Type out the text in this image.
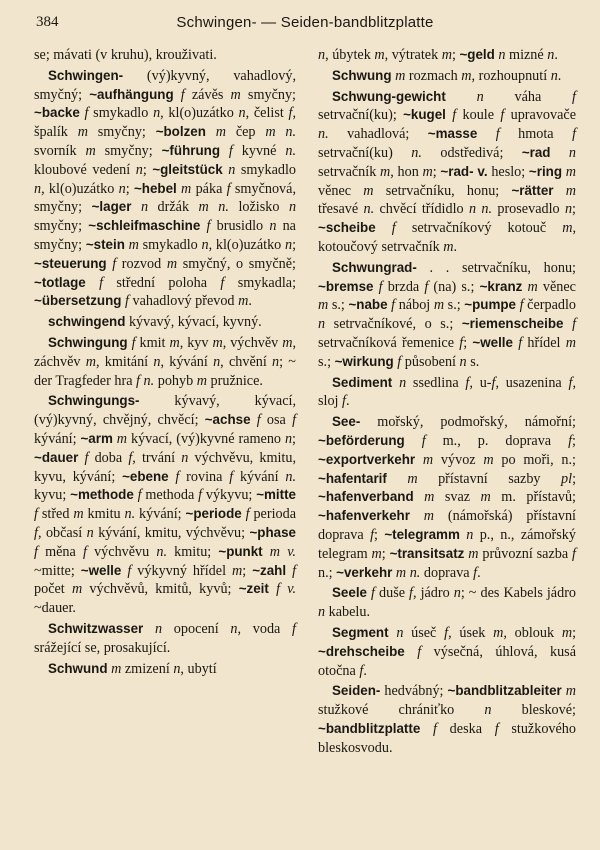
384	Schwingen- — Seiden-bandblitzplatte
se; mávati (v kruhu), krouživati.
Schwingen- (vý)kyvný, vahadlový, smyčný; ~aufhängung f závěs m smyčny; ~backe f smykadlo n, kl(o)uzátko n, čelist f, špalík m smyčny; ~bolzen m čep m n. svorník m smyčny; ~führung f kyvné n. kloubové vedení n; ~gleitstück n smykadlo n, kl(o)uzátko n; ~hebel m páka f smyčnová, smyčny; ~lager n držák m n. ložisko n smyčny; ~schleifmaschine f brusidlo n na smyčny; ~stein m smykadlo n, kl(o)uzátko n; ~steuerung f rozvod m smyčný, o smyčně; ~totlage f střední poloha f smykadla; ~übersetzung f vahadlový převod m.
schwingend kývavý, kývací, kyvný.
Schwingung f kmit m, kyv m, výchvěv m, záchvěv m, kmitání n, kývání n, chvění n; ~ der Tragfeder hra f n. pohyb m pružnice.
Schwingungs- kývavý, kývací, (vý)kyvný, chvějný, chvěcí; ~achse f osa f kývání; ~arm m kývací, (vý)kyvné rameno n; ~dauer f doba f, trvání n výchvěvu, kmitu, kyvu, kývání; ~ebene f rovina f kývání n. kyvu; ~methode f methoda f výkyvu; ~mitte f střed m kmitu n. kývání; ~periode f perioda f, občasí n kývání, kmitu, výchvěvu; ~phase f měna f výchvěvu n. kmitu; ~punkt m v. ~mitte; ~welle f výkyvný hřídel m; ~zahl f počet m výchvěvů, kmitů, kyvů; ~zeit f v. ~dauer.
Schwitzwasser n opocení n, voda f srážející se, prosakující.
Schwund m zmizení n, ubytí
n, úbytek m, výtratek m; ~geld n mizné n.
Schwung m rozmach m, rozhoupnutí n.
Schwung-gewicht n váha f setrvační(ku); ~kugel f koule f upravovače n. vahadlová; ~masse f hmota f setrvační(ku) n. odstředivá; ~rad n setrvačník m, hon m; ~rad- v. heslo; ~ring m věnec m setrvačníku, honu; ~rätter m třesavé n. chvěcí třídidlo n n. prosevadlo n; ~scheibe f setrvačníkový kotouč m, kotoučový setrvačník m.
Schwungrad- . . setrvačníku, honu; ~bremse f brzda f (na) s.; ~kranz m věnec m s.; ~nabe f náboj m s.; ~pumpe f čerpadlo n setrvačníkové, o s.; ~riemenscheibe f setrvačníková řemenice f; ~welle f hřídel m s.; ~wirkung f působení n s.
Sediment n ssedlina f, u-f, usazenina f, sloj f.
See- mořský, podmořský, námořní; ~beförderung f m., p. doprava f; ~exportverkehr m vývoz m po moři, n.; ~hafentarif m přístavní sazby pl; ~hafenverband m svaz m m. přístavů; ~hafenverkehr m (námořská) přístavní doprava f; ~telegramm n p., n., zámořský telegram m; ~transitsatz m průvozní sazba f n.; ~verkehr m n. doprava f.
Seele f duše f, jádro n; ~ des Kabels jádro n kabelu.
Segment n úseč f, úsek m, oblouk m; ~drehscheibe f výsečná, úhlová, kusá otočna f.
Seiden- hedvábný; ~bandblitzableiter m stužkové chrániťko n bleskové; ~bandblitzplatte f deska f stužkového bleskosvodu.
